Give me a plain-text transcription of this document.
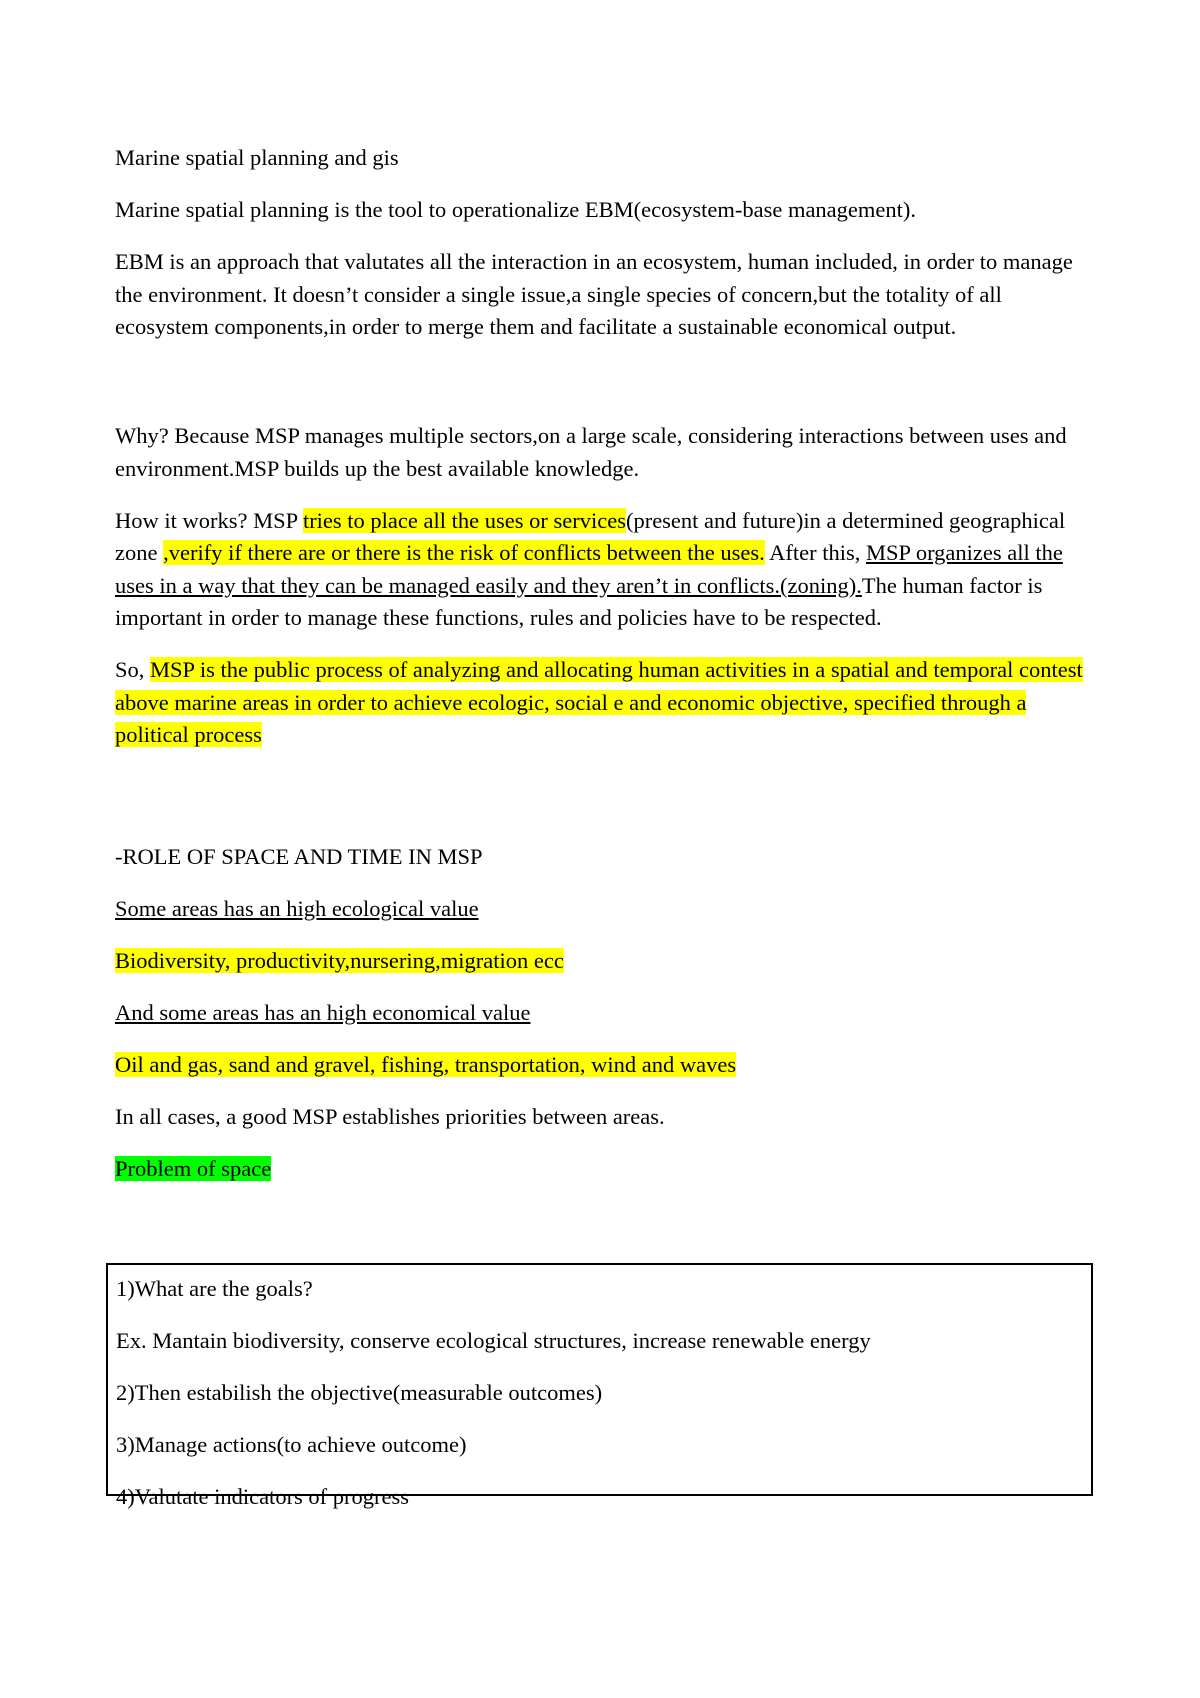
Marine spatial planning and gis

Marine spatial planning is the tool to operationalize EBM(ecosystem-base management).

EBM is an approach that valutates all the interaction in an ecosystem, human included, in order to manage the environment. It doesn’t consider a single issue,a single species of concern,but the totality of all ecosystem components,in order to merge them and facilitate a sustainable economical output.

Why? Because MSP manages multiple sectors,on a large scale, considering interactions between uses and environment.MSP builds up the best available knowledge.

How it works? MSP tries to place all the uses or services(present and future)in a determined geographical zone ,verify if there are or there is the risk of conflicts between the uses. After this, MSP organizes all the uses in a way that they can be managed easily and they aren’t in conflicts.(zoning).The human factor is important in order to manage these functions, rules and policies have to be respected.

So, MSP is the public process of analyzing and allocating human activities in a spatial and temporal contest above marine areas in order to achieve ecologic, social e and economic objective, specified through a political process

-ROLE OF SPACE AND TIME IN MSP

Some areas has an high ecological value

Biodiversity, productivity,nursering,migration ecc

And some areas has an high economical value

Oil and gas, sand and gravel, fishing, transportation, wind and waves

In all cases, a good MSP establishes priorities between areas.

Problem of space

1)What are the goals?

Ex. Mantain biodiversity, conserve ecological structures, increase renewable energy

2)Then estabilish the objective(measurable outcomes)

3)Manage actions(to achieve outcome)

4)Valutate indicators of progress
